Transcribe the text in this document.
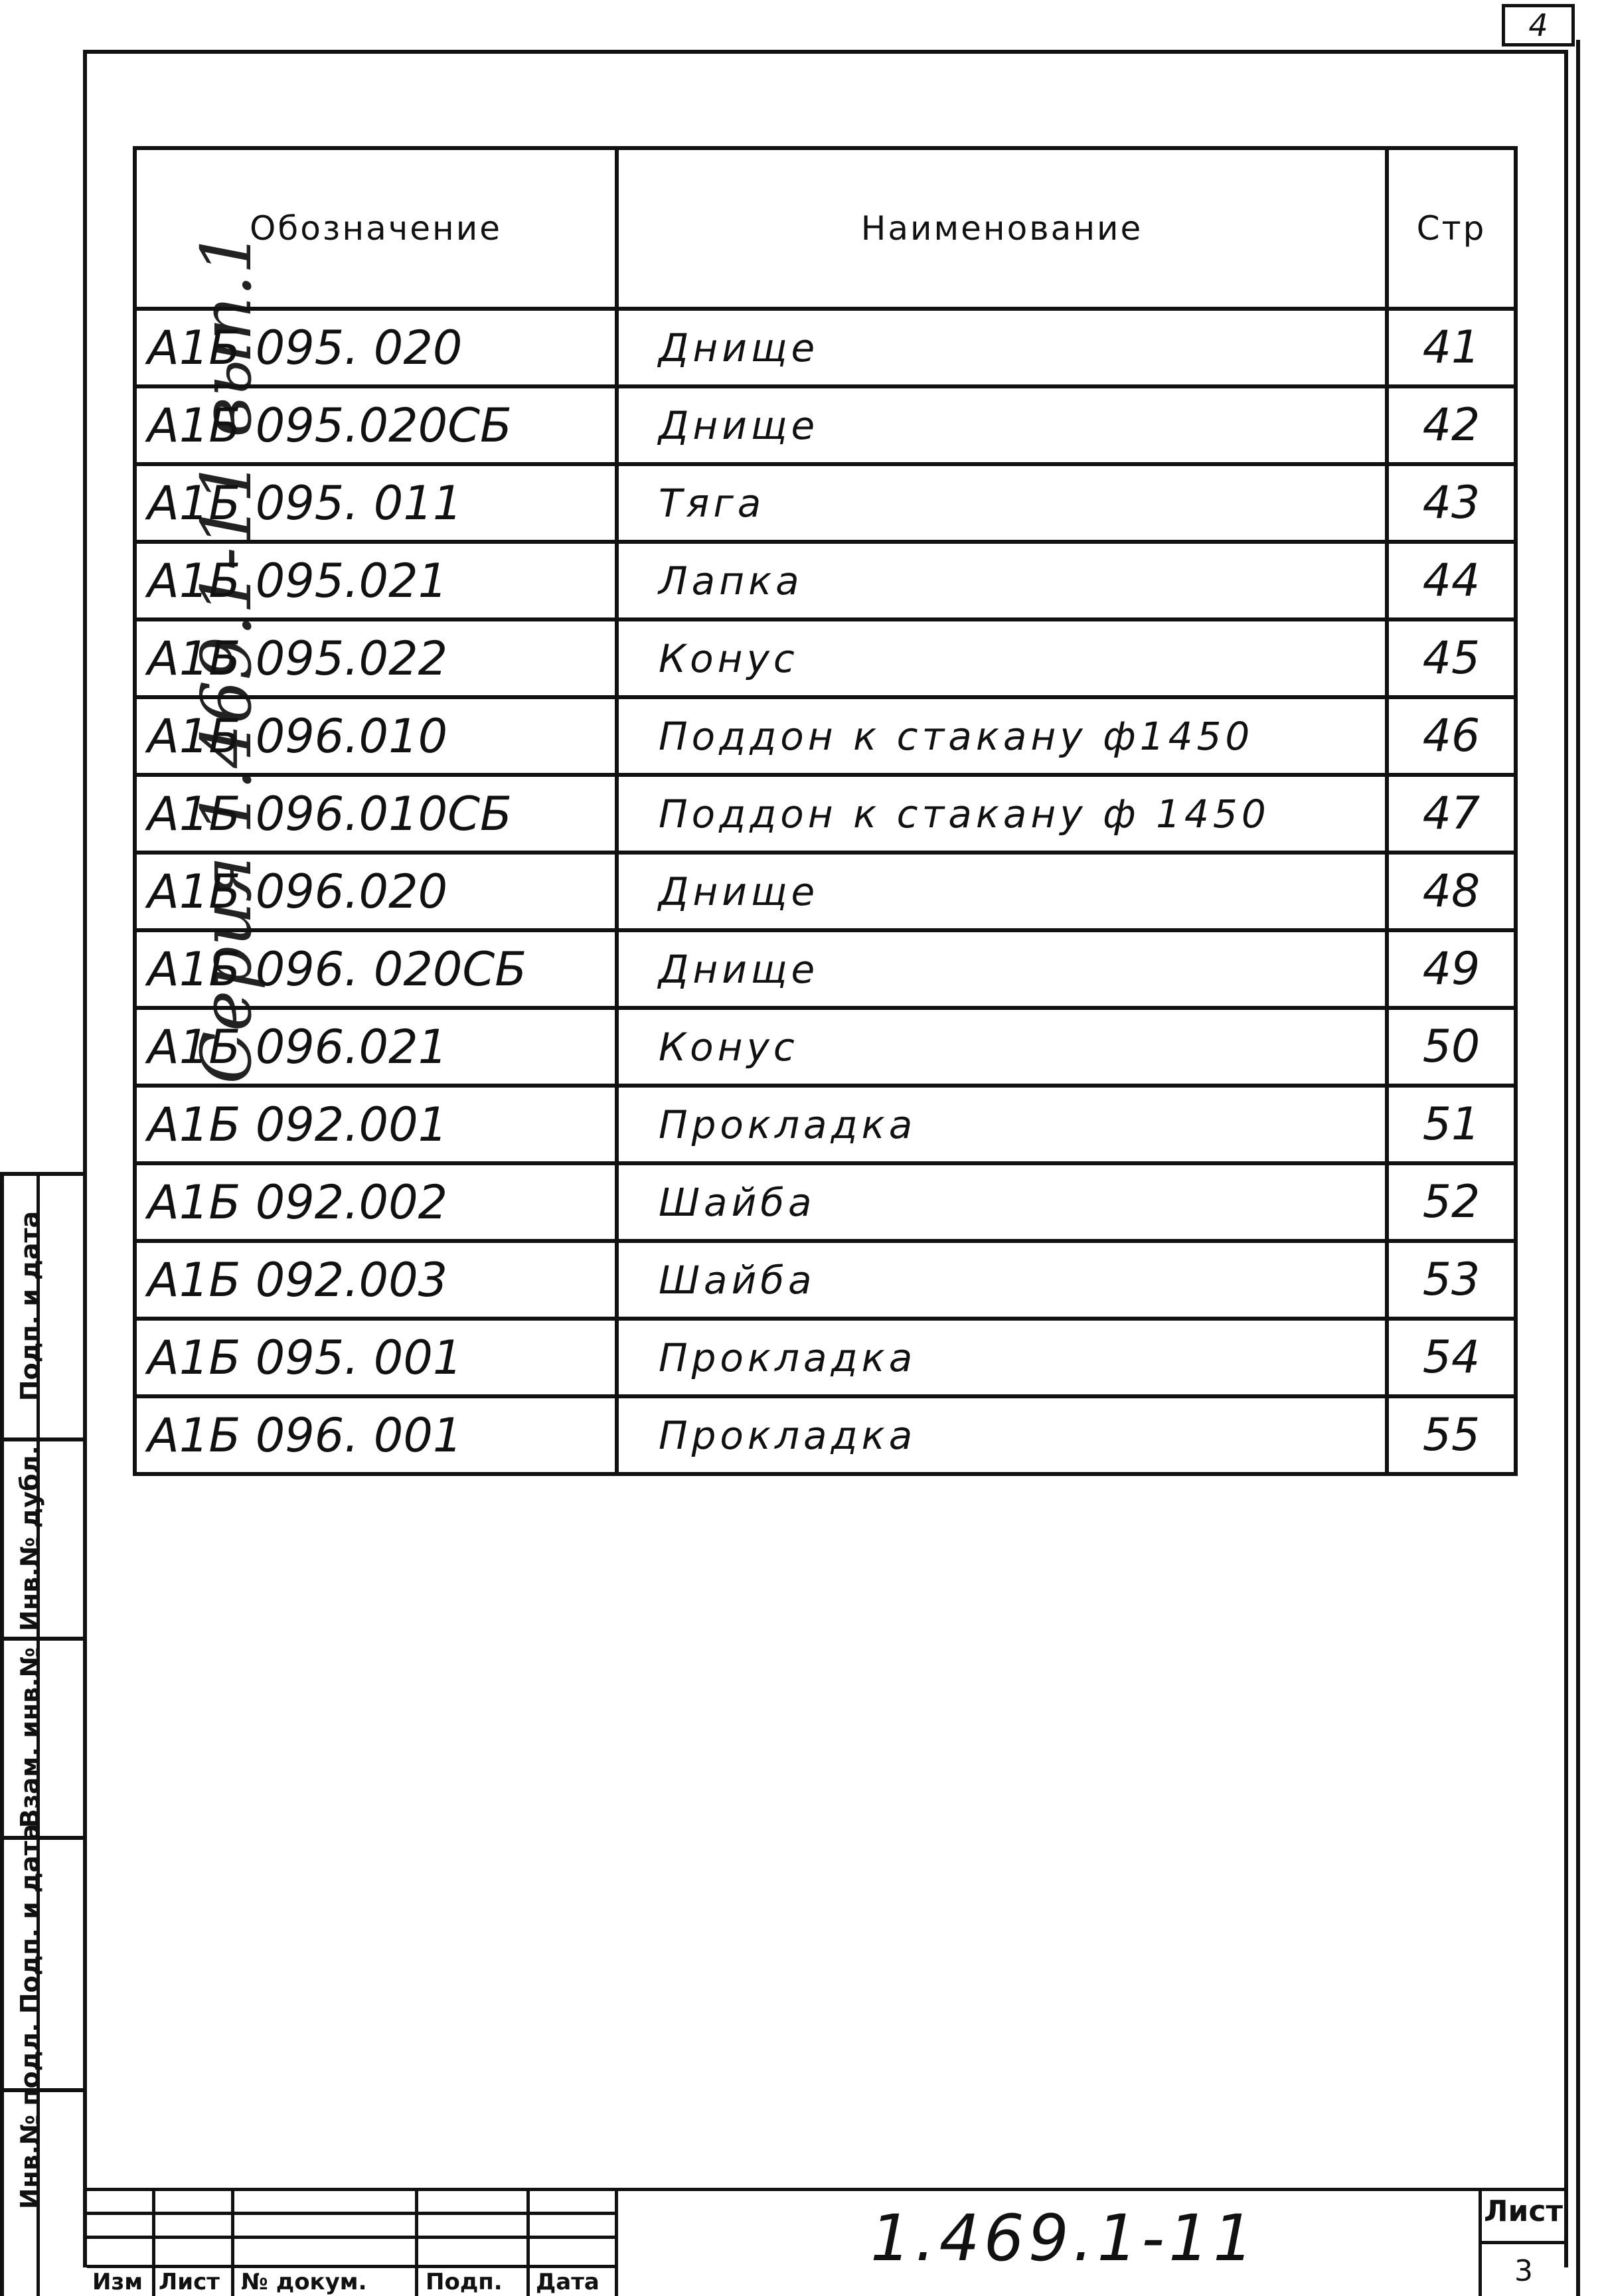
4
Серия 1.469.1-11 вып.1
Обозначение	Наименование	Стр
А1Б 095. 020	Днище	41
А1Б 095.020СБ	Днище	42
А1Б 095. 011	Тяга	43
А1Б 095.021	Лапка	44
А1Б 095.022	Конус	45
А1Б 096.010	Поддон к стакану ф1450	46
А1Б 096.010СБ	Поддон к стакану ф 1450	47
А1Б 096.020	Днище	48
А1Б 096. 020СБ	Днище	49
А1Б 096.021	Конус	50
А1Б 092.001	Прокладка	51
А1Б 092.002	Шайба	52
А1Б 092.003	Шайба	53
А1Б 095. 001	Прокладка	54
А1Б 096. 001	Прокладка	55
Подп. и дата
Инв.№ дубл.
Взам. инв.№
Инв.№ подл. Подп. и дата
Изм Лист № докум.	Подп. Дата
1.469.1-11	Лист
3
